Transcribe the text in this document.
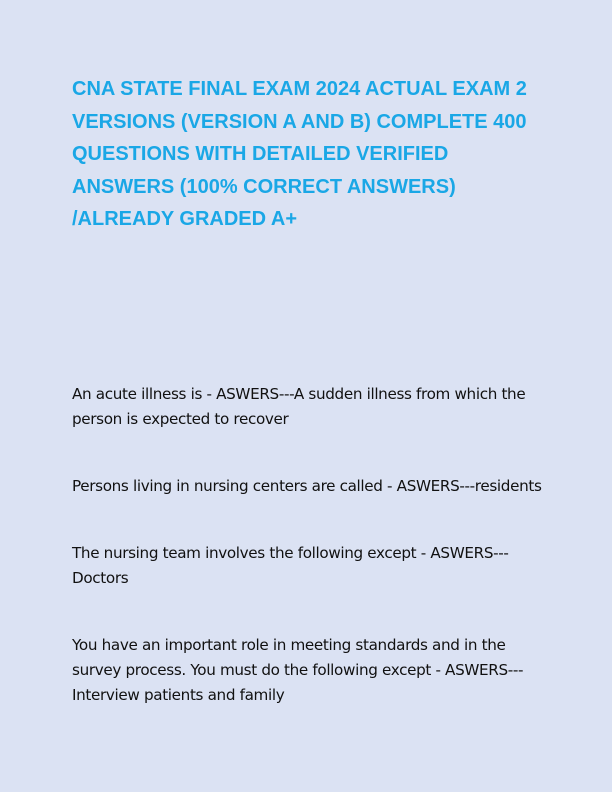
CNA STATE FINAL EXAM 2024 ACTUAL EXAM 2 VERSIONS (VERSION A AND B) COMPLETE 400 QUESTIONS WITH DETAILED VERIFIED ANSWERS (100% CORRECT ANSWERS) /ALREADY GRADED A+

An acute illness is - ASWERS---A sudden illness from which the person is expected to recover

Persons living in nursing centers are called - ASWERS---residents

The nursing team involves the following except - ASWERS---Doctors

You have an important role in meeting standards and in the survey process. You must do the following except - ASWERS---Interview patients and family
